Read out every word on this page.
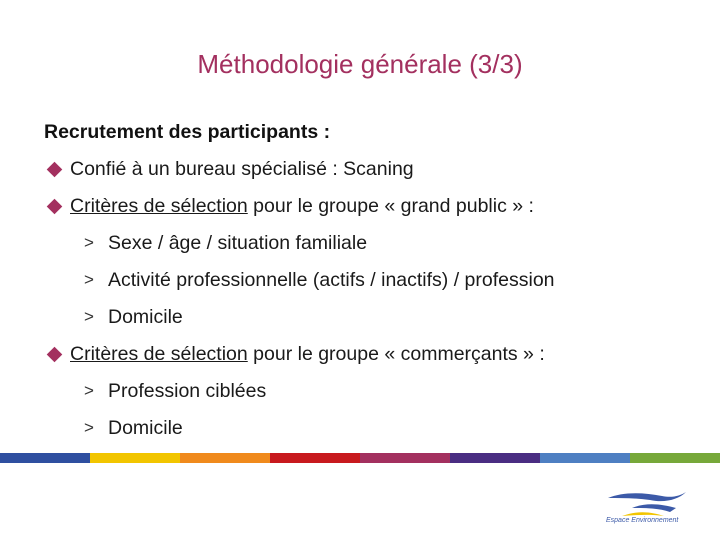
Méthodologie générale (3/3)
Recrutement des participants :
Confié à un bureau spécialisé : Scaning
Critères de sélection pour le groupe « grand public » :
> Sexe / âge / situation familiale
> Activité professionnelle (actifs / inactifs) / profession
> Domicile
Critères de sélection pour le groupe « commerçants » :
> Profession ciblées
> Domicile
Espace Environnement
